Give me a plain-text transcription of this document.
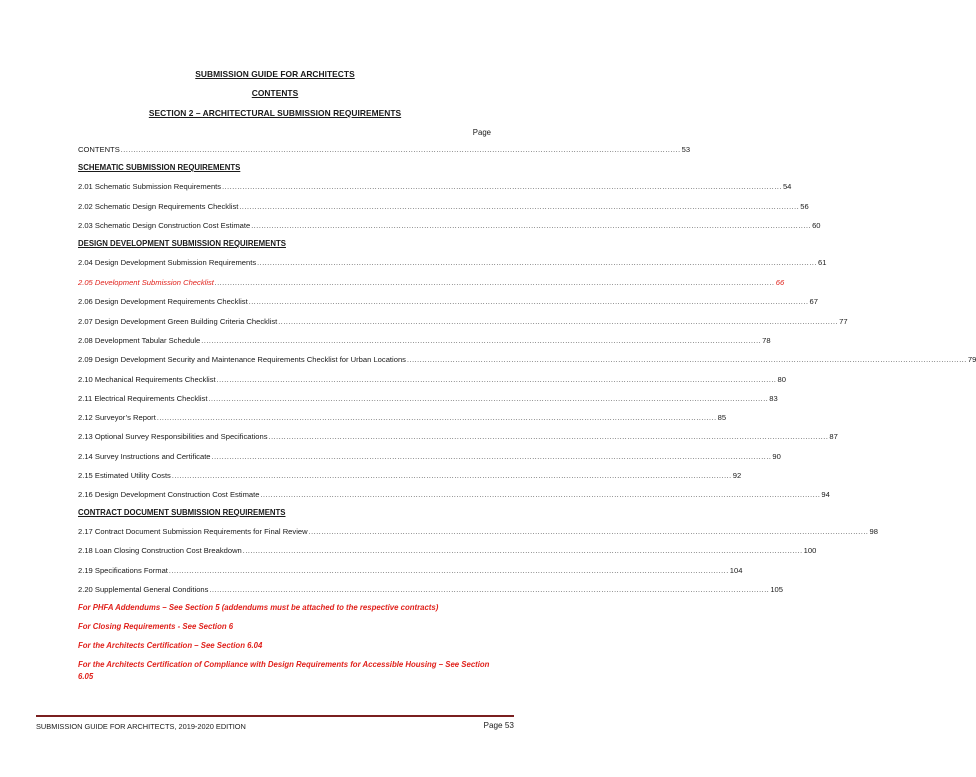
SUBMISSION GUIDE FOR ARCHITECTS
CONTENTS
SECTION 2 – ARCHITECTURAL SUBMISSION REQUIREMENTS
Page
CONTENTS ............................................................................................................................................................................................................................ 53
SCHEMATIC SUBMISSION REQUIREMENTS
2.01 Schematic Submission Requirements ............................................................................................................................................................................................................................ 54
2.02 Schematic Design Requirements Checklist ............................................................................................................................................................................................................................ 56
2.03 Schematic Design Construction Cost Estimate ............................................................................................................................................................................................................................ 60
DESIGN DEVELOPMENT SUBMISSION REQUIREMENTS
2.04 Design Development Submission Requirements ............................................................................................................................................................................................................................ 61
2.05 Development Submission Checklist ............................................................................................................................................................................................................................ 66
2.06 Design Development Requirements Checklist ............................................................................................................................................................................................................................ 67
2.07 Design Development Green Building Criteria Checklist ............................................................................................................................................................................................................................ 77
2.08 Development Tabular Schedule ............................................................................................................................................................................................................................ 78
2.09 Design Development Security and Maintenance Requirements Checklist for Urban Locations ............................................................................................................................................................................................................................ 79
2.10 Mechanical Requirements Checklist ............................................................................................................................................................................................................................ 80
2.11 Electrical Requirements Checklist ............................................................................................................................................................................................................................ 83
2.12 Surveyor’s Report ............................................................................................................................................................................................................................ 85
2.13 Optional Survey Responsibilities and Specifications ............................................................................................................................................................................................................................ 87
2.14 Survey Instructions and Certificate ............................................................................................................................................................................................................................ 90
2.15 Estimated Utility Costs ............................................................................................................................................................................................................................ 92
2.16 Design Development Construction Cost Estimate ............................................................................................................................................................................................................................ 94
CONTRACT DOCUMENT SUBMISSION REQUIREMENTS
2.17 Contract Document Submission Requirements for Final Review ............................................................................................................................................................................................................................ 98
2.18 Loan Closing Construction Cost Breakdown ............................................................................................................................................................................................................................ 100
2.19 Specifications Format ............................................................................................................................................................................................................................ 104
2.20 Supplemental General Conditions ............................................................................................................................................................................................................................ 105
For PHFA Addendums – See Section 5 (addendums must be attached to the respective contracts)
For Closing Requirements - See Section 6
For the Architects Certification – See Section 6.04
For the Architects Certification of Compliance with Design Requirements for Accessible Housing – See Section 6.05
SUBMISSION GUIDE FOR ARCHITECTS, 2019-2020 EDITION	Page 53
